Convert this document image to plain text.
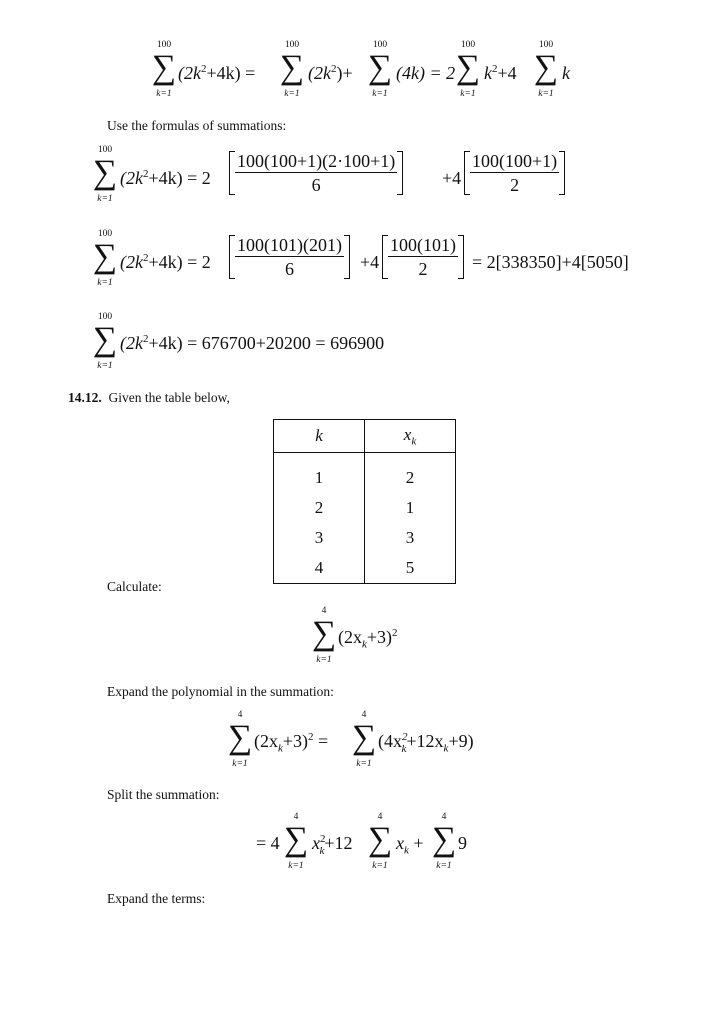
100
∑
k=1
$(2k^2+4k)$ =
100
∑
k=1
$(2k^2)+$
100
∑
k=1
(4k) = 2
100
∑
k=1
$k^2+4$
100
∑
k=1
k
Use the formulas of summations:
100
∑
k=1
$(2k^2+4k) = 2 \frac{100(100+1)(2\cdot 100+1)}{6} +4 \frac{100(100+1)}{2}$
100
∑
k=1
$(2k^2+4k) = 2 \frac{100(101)(201)}{6} +4 \frac{100(101)}{2} = 2[338350]+4[5050]$
100
∑
k=1
$(2k^2+4k) = 676700+20200 = 696900$
14.12. Given the table below,
k	$x_k$

1	2
2	1
3	3
4	5
Calculate:
4
∑
k=1
$(2x_k+3)^2$
Expand the polynomial in the summation:
4
∑
k=1
$(2x_k+3)^2$ =
4
∑
k=1
$(4x^2_k+12x_k+9)$
Split the summation:
= 4
4
∑
k=1
$x^2_k+12$
4
∑
k=1
$x_k$ +
4
∑
k=1
9
Expand the terms:
